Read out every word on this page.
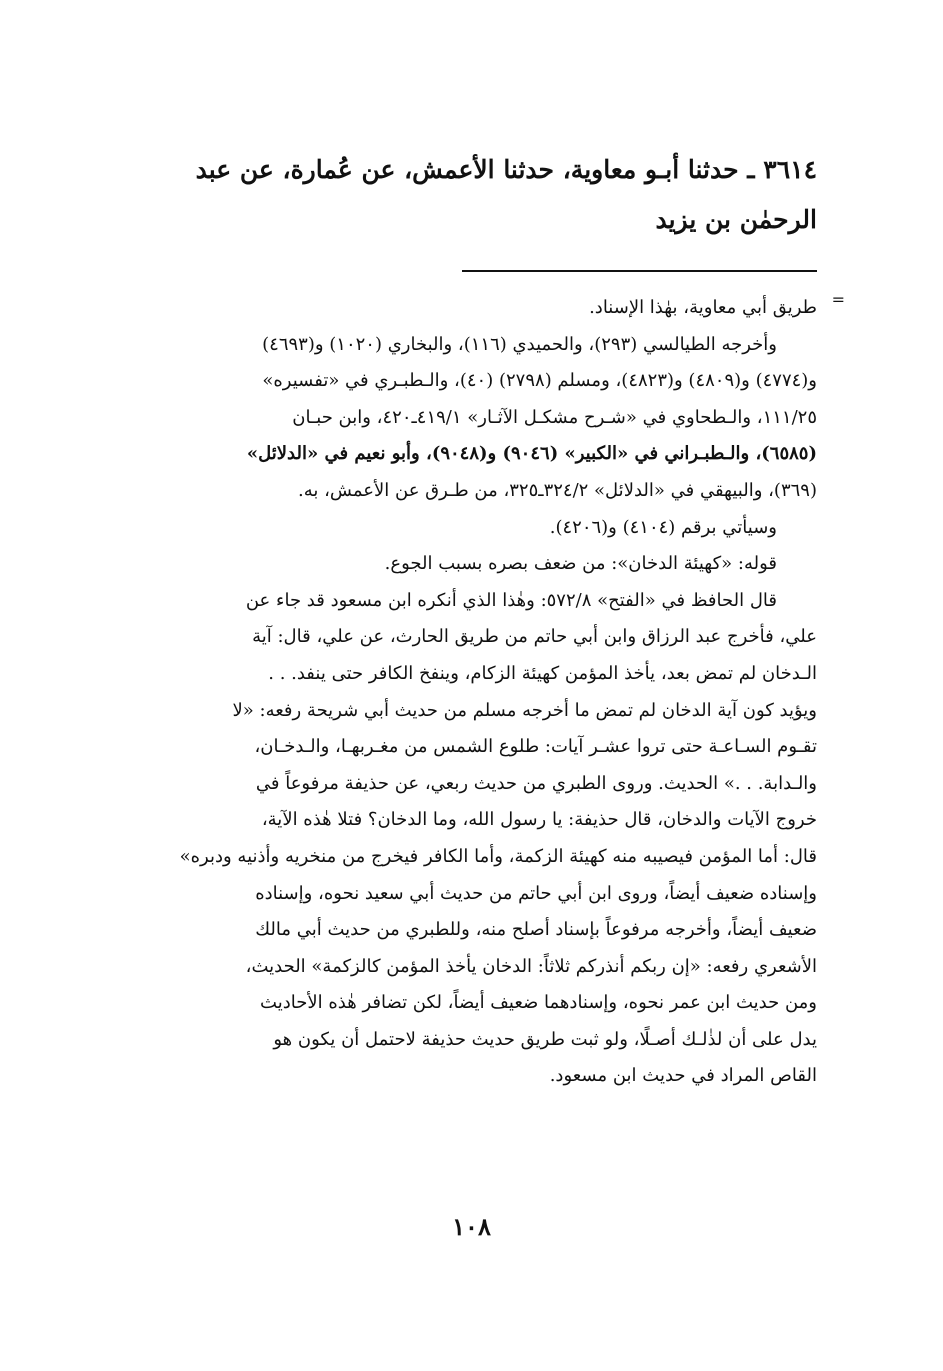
٣٦١٤ ـ حدثنا أبـو معاوية، حدثنا الأعمش، عن عُمارة، عن عبد
الرحمٰن بن يزيد
=
طريق أبي معاوية، بهٰذا الإسناد.
وأخرجه الطيالسي (٢٩٣)، والحميدي (١١٦)، والبخاري (١٠٢٠) و(٤٦٩٣)
و(٤٧٧٤) و(٤٨٠٩) و(٤٨٢٣)، ومسلم (٢٧٩٨) (٤٠)، والـطبـري في «تفسيره»
١١١/٢٥، والـطحاوي في «شـرح مشكـل الآثـار» ٤١٩/١ـ٤٢٠، وابن حبـان
(٦٥٨٥)، والـطبـراني في «الكبير» (٩٠٤٦) و(٩٠٤٨)، وأبو نعيم في «الدلائل»
(٣٦٩)، والبيهقي في «الدلائل» ٣٢٤/٢ـ٣٢٥، من طـرق عن الأعمش، به.
وسيأتي برقم (٤١٠٤) و(٤٢٠٦).
قوله: «كهيئة الدخان»: من ضعف بصره بسبب الجوع.
قال الحافظ في «الفتح» ٥٧٢/٨: وهٰذا الذي أنكره ابن مسعود قد جاء عن
علي، فأخرج عبد الرزاق وابن أبي حاتم من طريق الحارث، عن علي، قال: آية
الـدخان لم تمض بعد، يأخذ المؤمن كهيئة الزكام، وينفخ الكافر حتى ينفد. . .
ويؤيد كون آية الدخان لم تمض ما أخرجه مسلم من حديث أبي شريحة رفعه: «لا
تقـوم السـاعـة حتى تروا عشـر آيات: طلوع الشمس من مغـربهـا، والـدخـان،
والـدابة. . .» الحديث. وروى الطبري من حديث ربعي، عن حذيفة مرفوعاً في
خروج الآيات والدخان، قال حذيفة: يا رسول الله، وما الدخان؟ فتلا هٰذه الآية،
قال: أما المؤمن فيصيبه منه كهيئة الزكمة، وأما الكافر فيخرج من منخريه وأذنيه ودبره»
وإسناده ضعيف أيضاً، وروى ابن أبي حاتم من حديث أبي سعيد نحوه، وإسناده
ضعيف أيضاً، وأخرجه مرفوعاً بإسناد أصلح منه، وللطبري من حديث أبي مالك
الأشعري رفعه: «إن ربكم أنذركم ثلاثاً: الدخان يأخذ المؤمن كالزكمة» الحديث،
ومن حديث ابن عمر نحوه، وإسنادهما ضعيف أيضاً، لكن تضافر هٰذه الأحاديث
يدل على أن لذٰلـك أصـلًا، ولو ثبت طريق حديث حذيفة لاحتمل أن يكون هو
القاص المراد في حديث ابن مسعود.
١٠٨
